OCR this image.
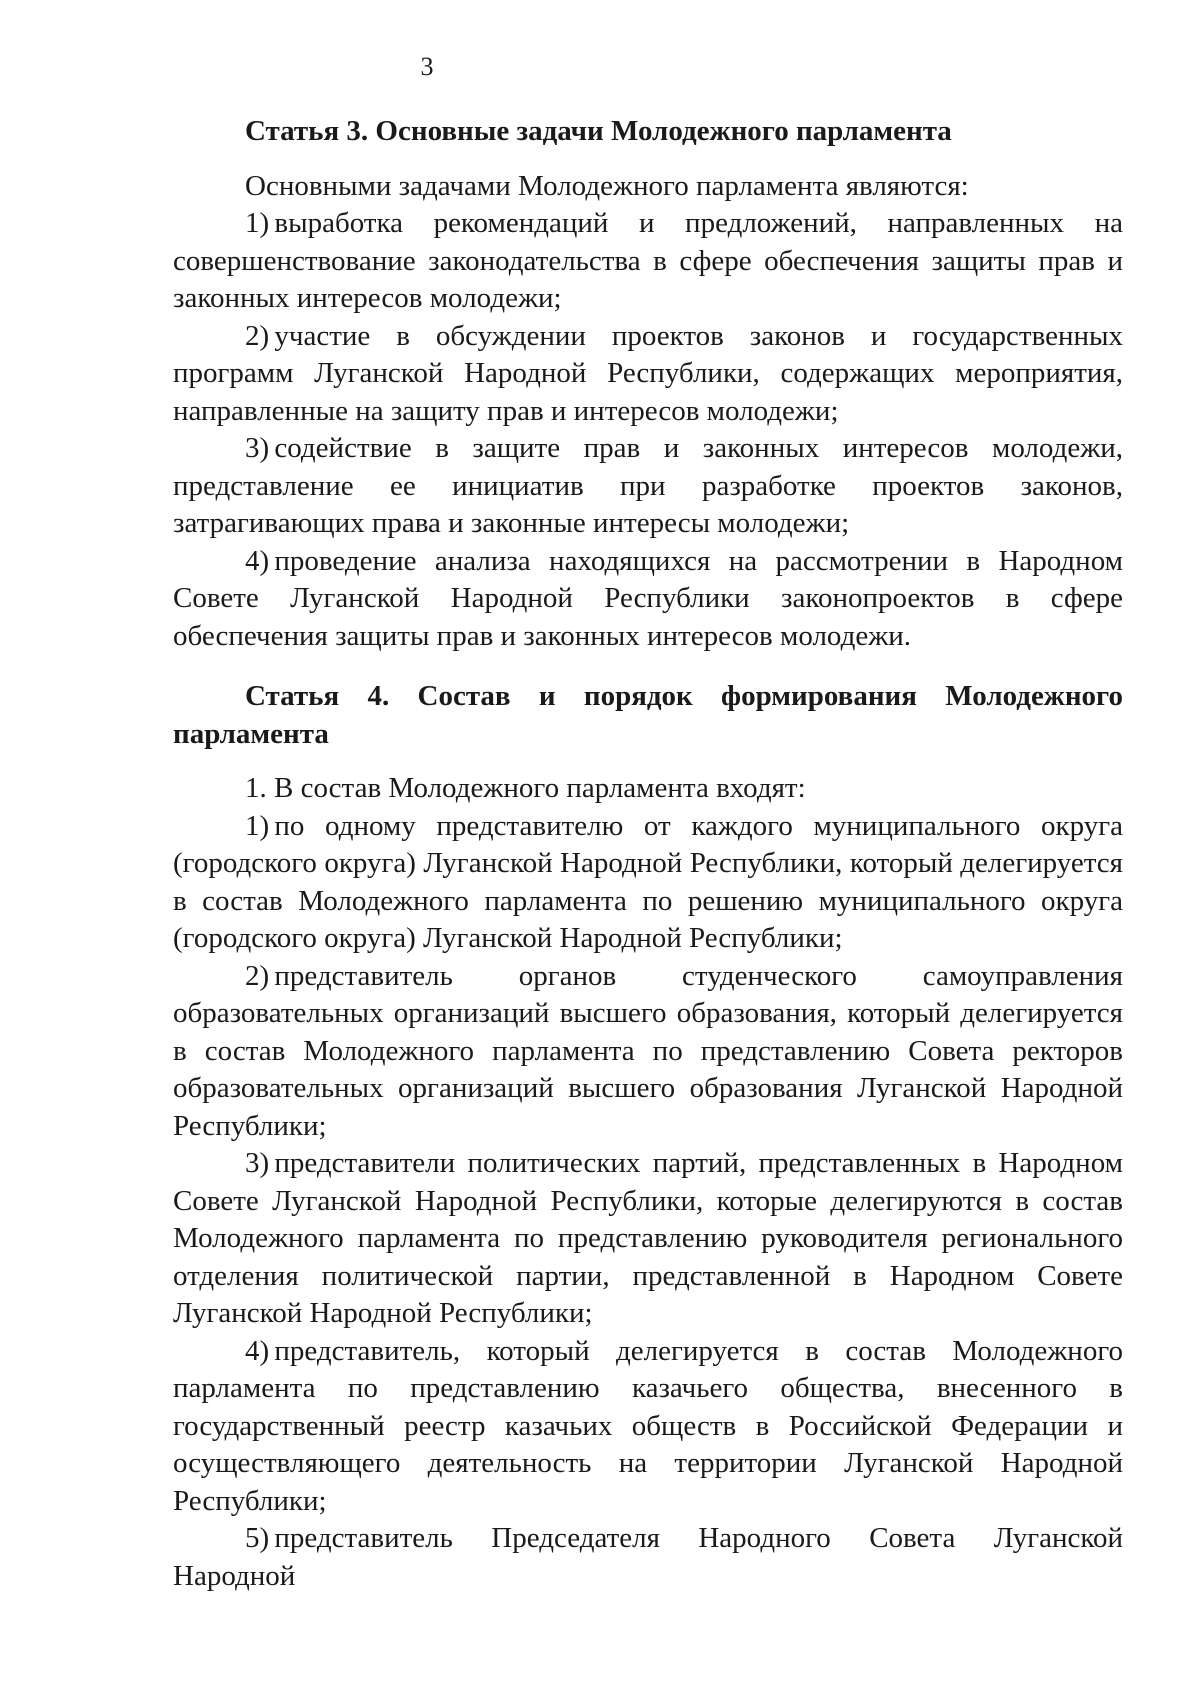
3

Статья 3. Основные задачи Молодежного парламента

Основными задачами Молодежного парламента являются:

1) выработка рекомендаций и предложений, направленных на совершенствование законодательства в сфере обеспечения защиты прав и законных интересов молодежи;

2) участие в обсуждении проектов законов и государственных программ Луганской Народной Республики, содержащих мероприятия, направленные на защиту прав и интересов молодежи;

3) содействие в защите прав и законных интересов молодежи, представление ее инициатив при разработке проектов законов, затрагивающих права и законные интересы молодежи;

4) проведение анализа находящихся на рассмотрении в Народном Совете Луганской Народной Республики законопроектов в сфере обеспечения защиты прав и законных интересов молодежи.

Статья 4. Состав и порядок формирования Молодежного парламента

1. В состав Молодежного парламента входят:

1) по одному представителю от каждого муниципального округа (городского округа) Луганской Народной Республики, который делегируется в состав Молодежного парламента по решению муниципального округа (городского округа) Луганской Народной Республики;

2) представитель органов студенческого самоуправления образовательных организаций высшего образования, который делегируется в состав Молодежного парламента по представлению Совета ректоров образовательных организаций высшего образования Луганской Народной Республики;

3) представители политических партий, представленных в Народном Совете Луганской Народной Республики, которые делегируются в состав Молодежного парламента по представлению руководителя регионального отделения политической партии, представленной в Народном Совете Луганской Народной Республики;

4) представитель, который делегируется в состав Молодежного парламента по представлению казачьего общества, внесенного в государственный реестр казачьих обществ в Российской Федерации и осуществляющего деятельность на территории Луганской Народной Республики;

5) представитель Председателя Народного Совета Луганской Народной
